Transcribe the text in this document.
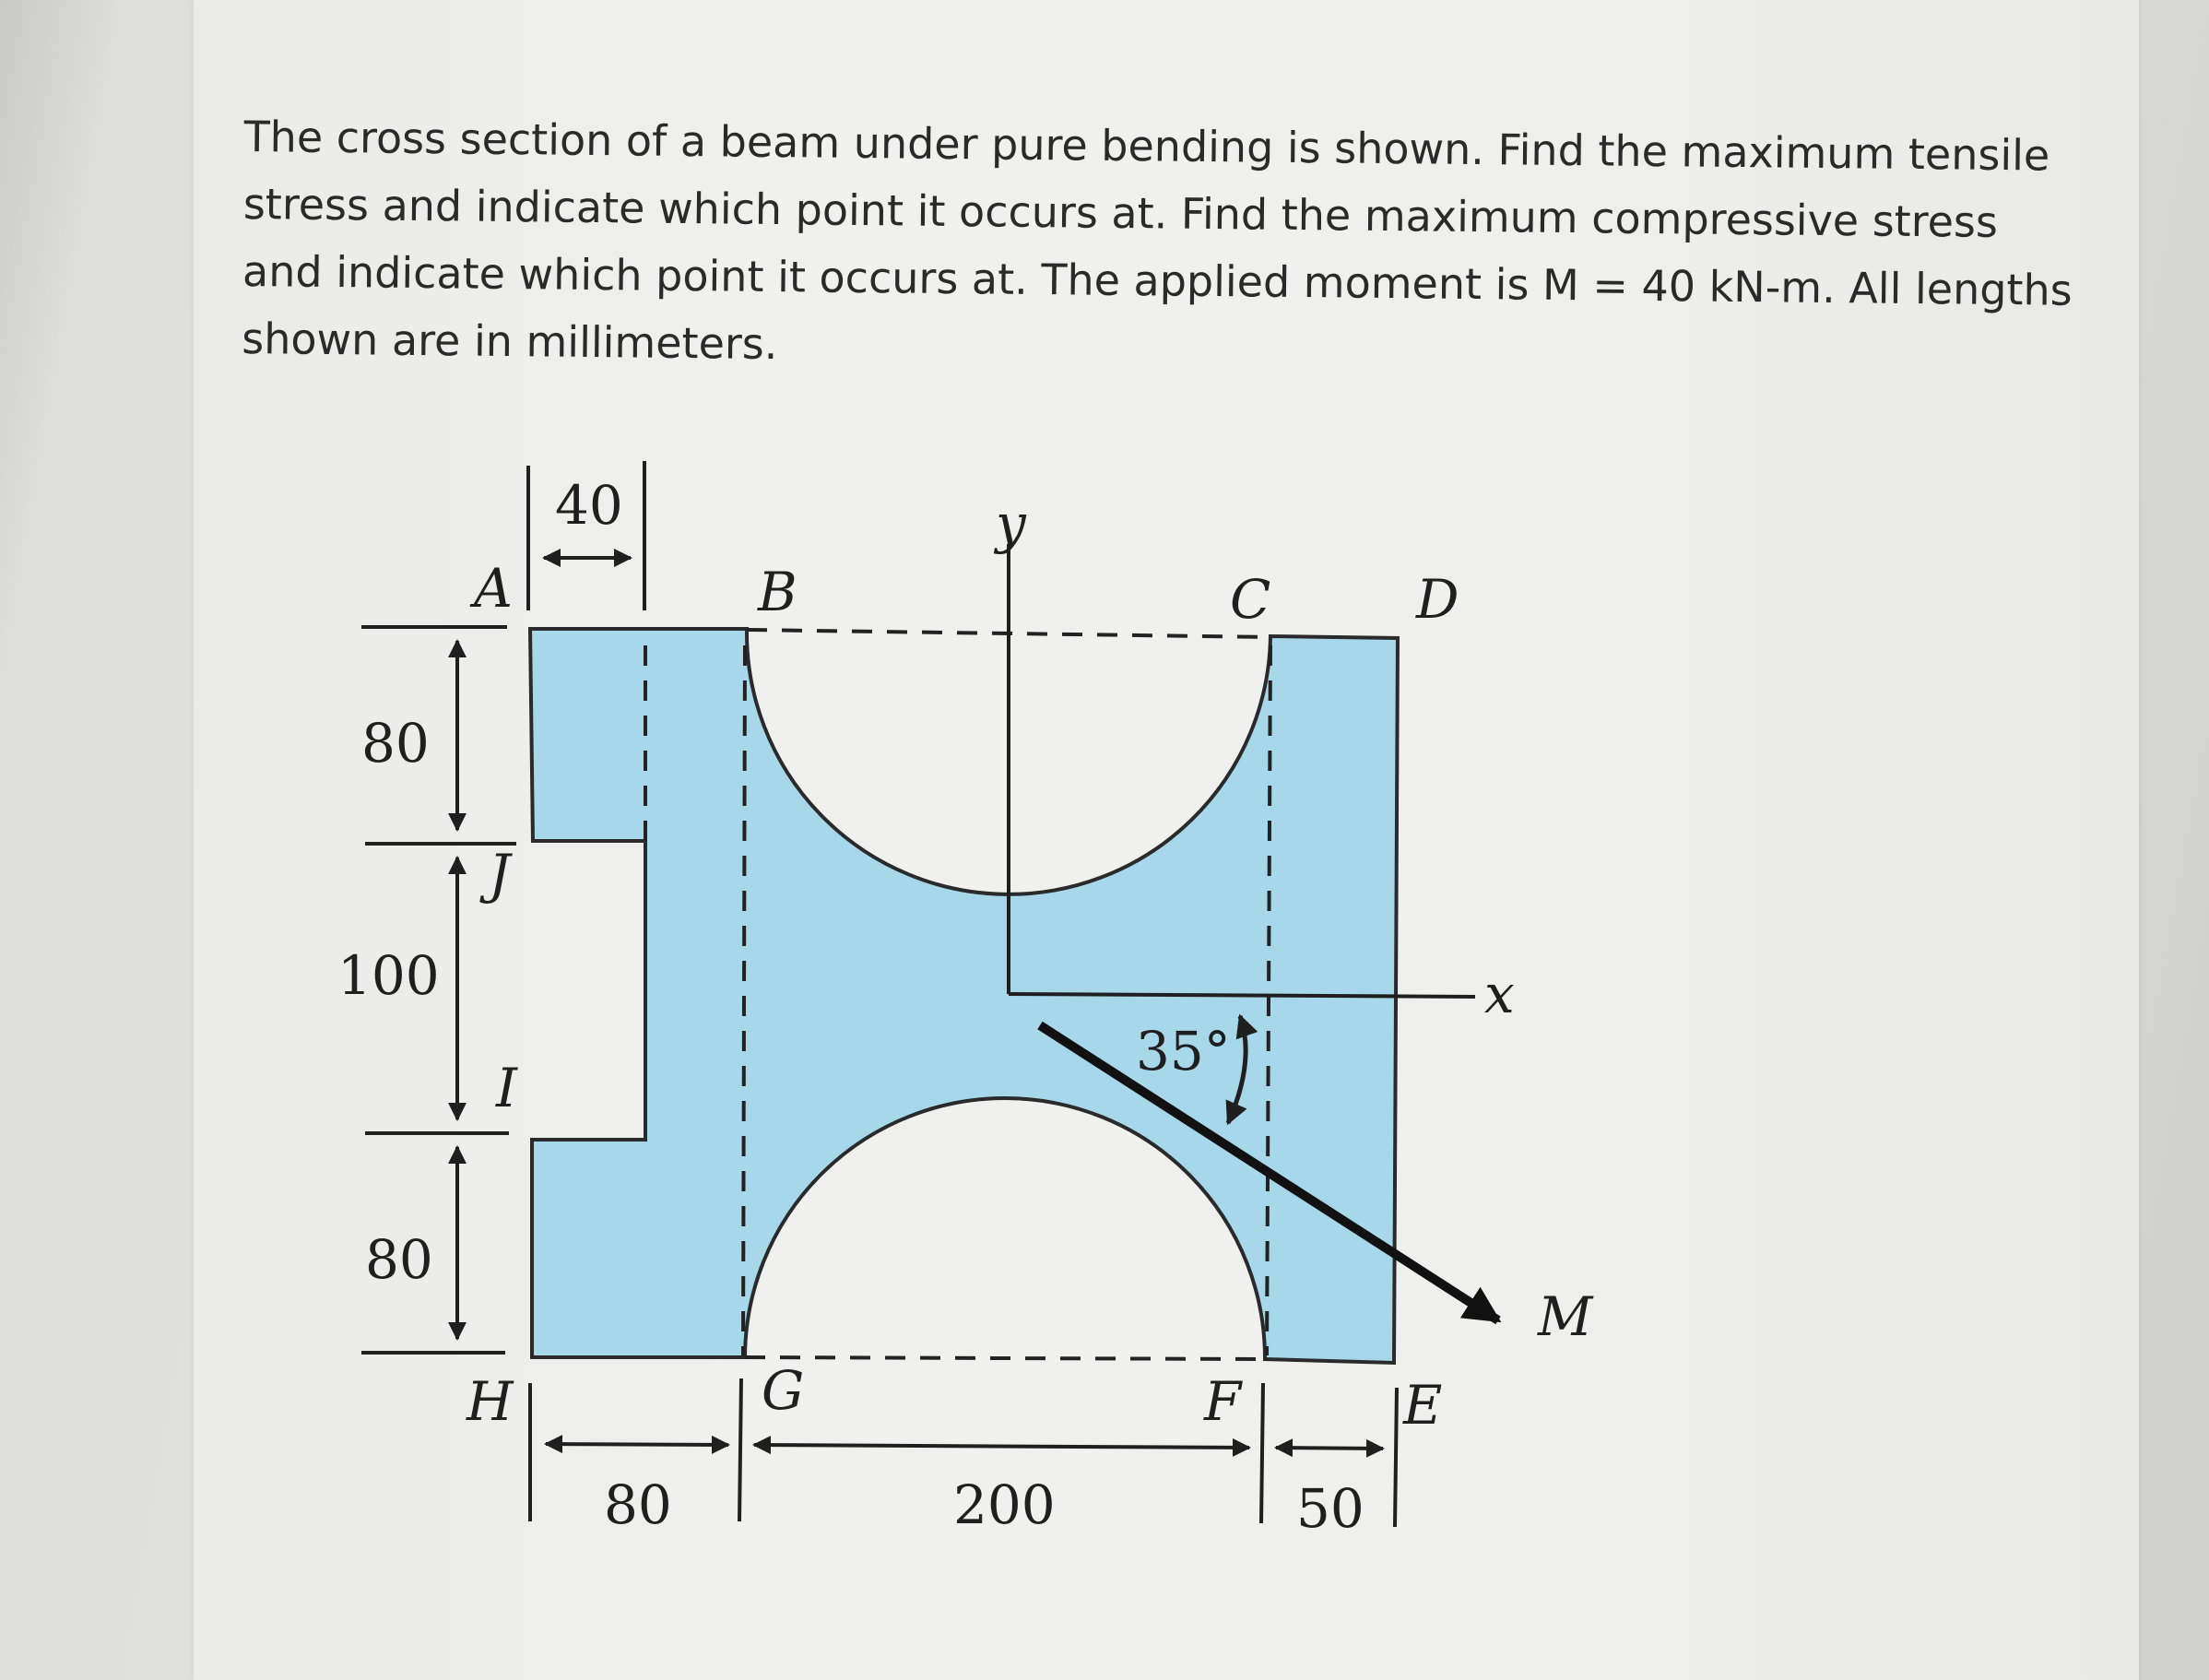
The cross section of a beam under pure bending is shown. Find the maximum tensile stress and indicate which point it occurs at. Find the maximum compressive stress and indicate which point it occurs at. The applied moment is M = 40 kN-m. All lengths shown are in millimeters.

y
x
M
35°
40
80
100
80
80	200	50
A	B	C	D
E
F
G
H
I
J
